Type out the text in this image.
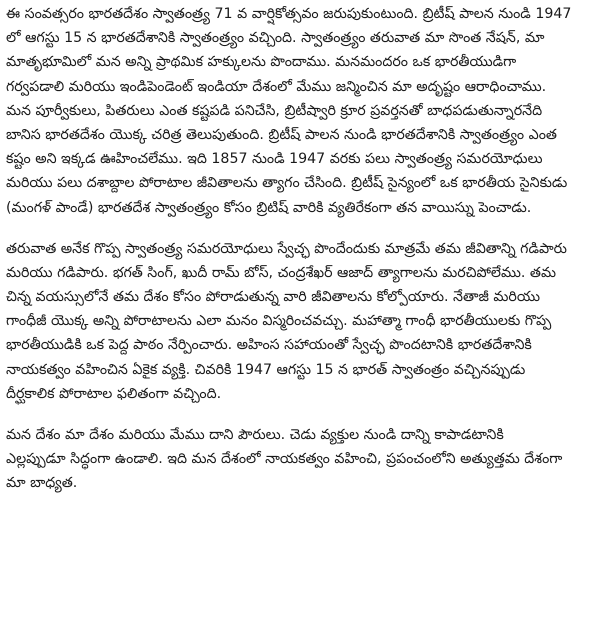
ఈ సంవత్సరం భారతదేశం స్వాతంత్ర్య 71 వ వార్షికోత్సవం జరుపుకుంటుంది. బ్రిటీష్ పాలన నుండి 1947
లో ఆగస్టు 15 న భారతదేశానికి స్వాతంత్ర్యం వచ్చింది. స్వాతంత్ర్యం తరువాత మా సొంత నేషన్, మా
మాతృభూమిలో మన అన్ని ప్రాథమిక హక్కులను పొందాము. మనమందరం ఒక భారతీయుడిగా
గర్వపడాలి మరియు ఇండిపెండెంట్ ఇండియా దేశంలో మేము జన్మించిన మా అదృష్టం ఆరాధించాము.
మన పూర్వీకులు, పితరులు ఎంత కష్టపడి పనిచేసి, బ్రిటీష్వారి క్రూర ప్రవర్తనతో బాధపడుతున్నారనేది
బానిస భారతదేశం యొక్క చరిత్ర తెలుపుతుంది. బ్రిటీష్ పాలన నుండి భారతదేశానికి స్వాతంత్ర్యం ఎంత
కష్టం అని ఇక్కడ ఊహించలేము. ఇది 1857 నుండి 1947 వరకు పలు స్వాతంత్ర్య సమరయోధులు
మరియు పలు దశాబ్దాల పోరాటాల జీవితాలను త్యాగం చేసింది. బ్రిటీష్ సైన్యంలో ఒక భారతీయ సైనికుడు
(మంగళ్ పాండే) భారతదేశ స్వాతంత్ర్యం కోసం బ్రిటిష్ వారికి వ్యతిరేకంగా తన వాయిస్ను పెంచాడు.
తరువాత అనేక గొప్ప స్వాతంత్ర్య సమరయోధులు స్వేచ్ఛ పొందేందుకు మాత్రమే తమ జీవితాన్ని గడిపారు
మరియు గడిపారు. భగత్ సింగ్, ఖుదీ రామ్ బోస్, చంద్రశేఖర్ ఆజాద్ త్యాగాలను మరచిపోలేము. తమ
చిన్న వయస్సులోనే తమ దేశం కోసం పోరాడుతున్న వారి జీవితాలను కోల్పోయారు. నేతాజీ మరియు
గాంధీజీ యొక్క అన్ని పోరాటాలను ఎలా మనం విస్మరించవచ్చు. మహాత్మా గాంధీ భారతీయులకు గొప్ప
భారతీయుడికి ఒక పెద్ద పాఠం నేర్పించారు. అహింస సహాయంతో స్వేచ్ఛ పొందటానికి భారతదేశానికి
నాయకత్వం వహించిన ఏకైక వ్యక్తి. చివరికి 1947 ఆగస్టు 15 న భారత్ స్వాతంత్రం వచ్చినప్పుడు
దీర్ఘకాలిక పోరాటాల ఫలితంగా వచ్చింది.
మన దేశం మా దేశం మరియు మేము దాని పౌరులు. చెడు వ్యక్తుల నుండి దాన్ని కాపాడటానికి
ఎల్లప్పుడూ సిద్ధంగా ఉండాలి. ఇది మన దేశంలో నాయకత్వం వహించి, ప్రపంచంలోని అత్యుత్తమ దేశంగా
మా బాధ్యత.
